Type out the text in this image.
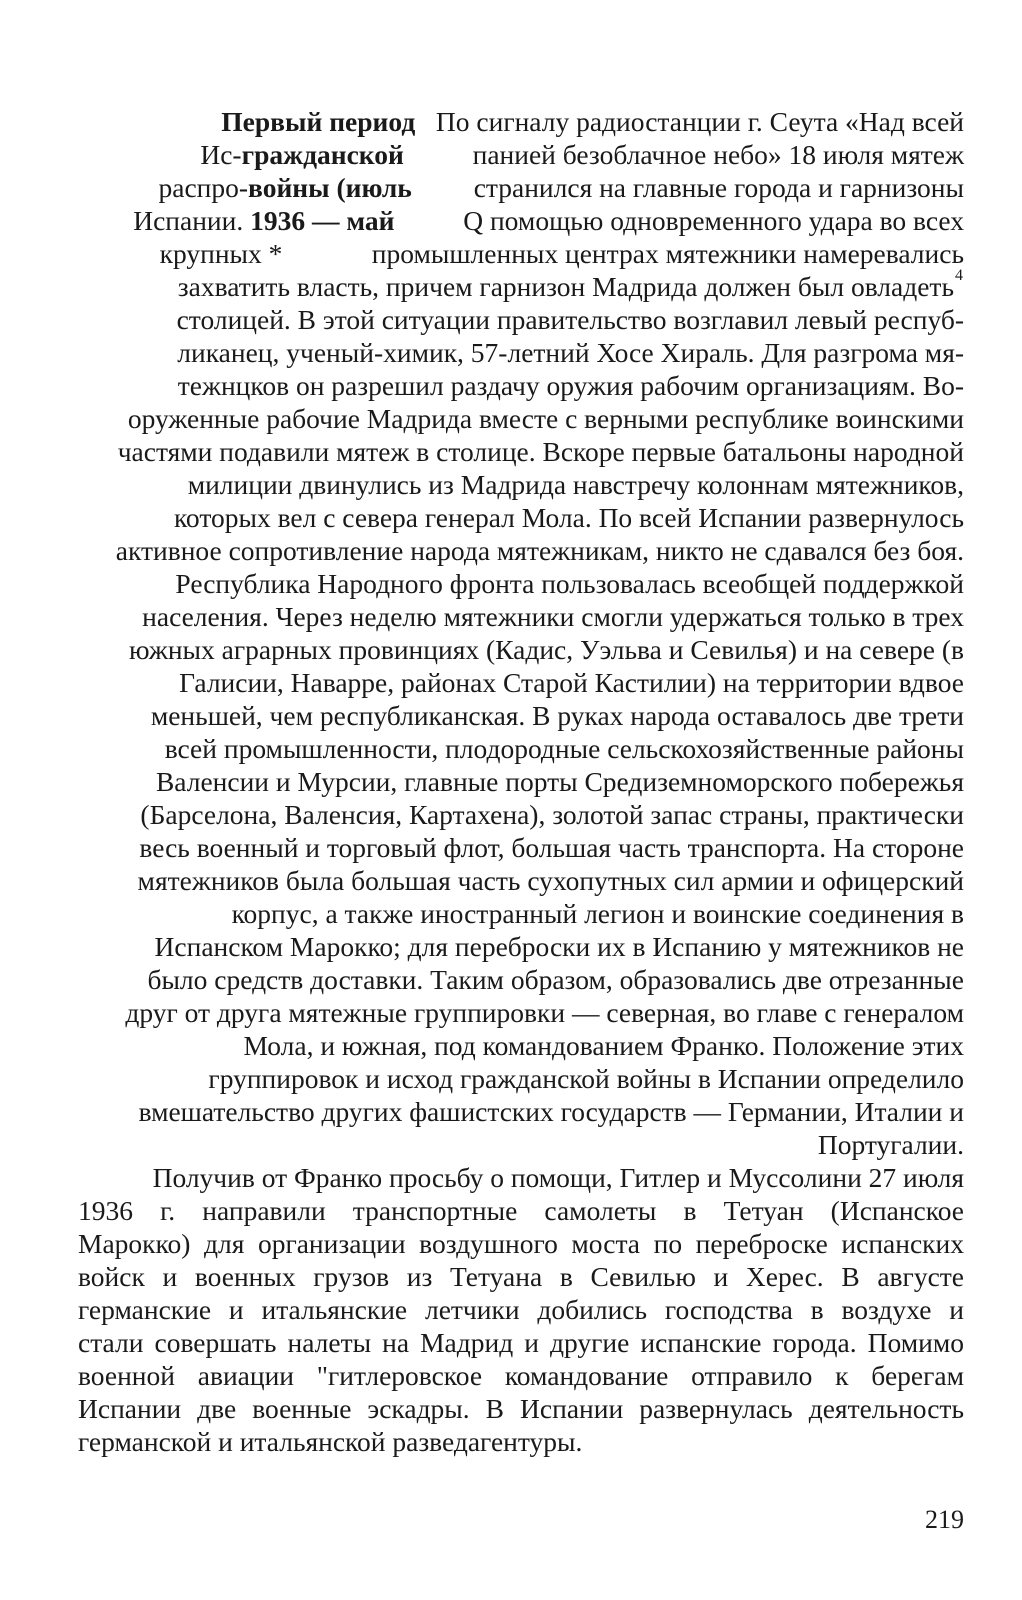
Первый период По сигналу радиостанции г. Сеута «Над всей
Ис-гражданской	панией безоблачное небо» 18 июля мятеж
распро-войны (июль странился на главные города и гарнизоны
Испании. 1936 — май	Q помощью одновременного удара во всех
крупных *	промышленных центрах мятежники намеревались
захватить власть, причем гарнизон Мадрида должен был овладеть 4
столицей. В этой ситуации правительство возглавил левый респуб-
ликанец, ученый-химик, 57-летний Хосе Хираль. Для разгрома мя-
тежнцков он разрешил раздачу оружия рабочим организациям. Во-
оруженные рабочие Мадрида вместе с верными республике воинскими
частями подавили мятеж в столице. Вскоре первые батальоны народной
милиции двинулись из Мадрида навстречу колоннам мятежников,
которых вел с севера генерал Мола. По всей Испании развернулось
активное сопротивление народа мятежникам, никто не сдавался без боя.
Республика Народного фронта пользовалась всеобщей поддержкой
населения. Через неделю мятежники смогли удержаться только в трех
южных аграрных провинциях (Кадис, Уэльва и Севилья) и на севере (в
Галисии, Наварре, районах Старой Кастилии) на территории вдвое
меньшей, чем республиканская. В руках народа оставалось две трети
всей промышленности, плодородные сельскохозяйственные районы
Валенсии и Мурсии, главные порты Средиземноморского побережья
(Барселона, Валенсия, Картахена), золотой запас страны, практически
весь военный и торговый флот, большая часть транспорта. На стороне
мятежников была большая часть сухопутных сил армии и офицерский
корпус, а также иностранный легион и воинские соединения в
Испанском Марокко; для переброски их в Испанию у мятежников не
было средств доставки. Таким образом, образовались две отрезанные
друг от друга мятежные группировки — северная, во главе с генералом
Мола, и южная, под командованием Франко. Положение этих
группировок и исход гражданской войны в Испании определило
вмешательство других фашистских государств — Германии, Италии и
Португалии.
Получив от Франко просьбу о помощи, Гитлер и Муссолини 27 июля
1936 г. направили транспортные самолеты в Тетуан (Испанское
Марокко) для организации воздушного моста по переброске испанских
войск и военных грузов из Тетуана в Севилью и Херес. В августе
германские и итальянские летчики добились господства в воздухе и
стали совершать налеты на Мадрид и другие испанские города. Помимо
военной авиации "гитлеровское командование отправило к берегам
Испании две военные эскадры. В Испании развернулась деятельность
германской и итальянской разведагентуры.
219
